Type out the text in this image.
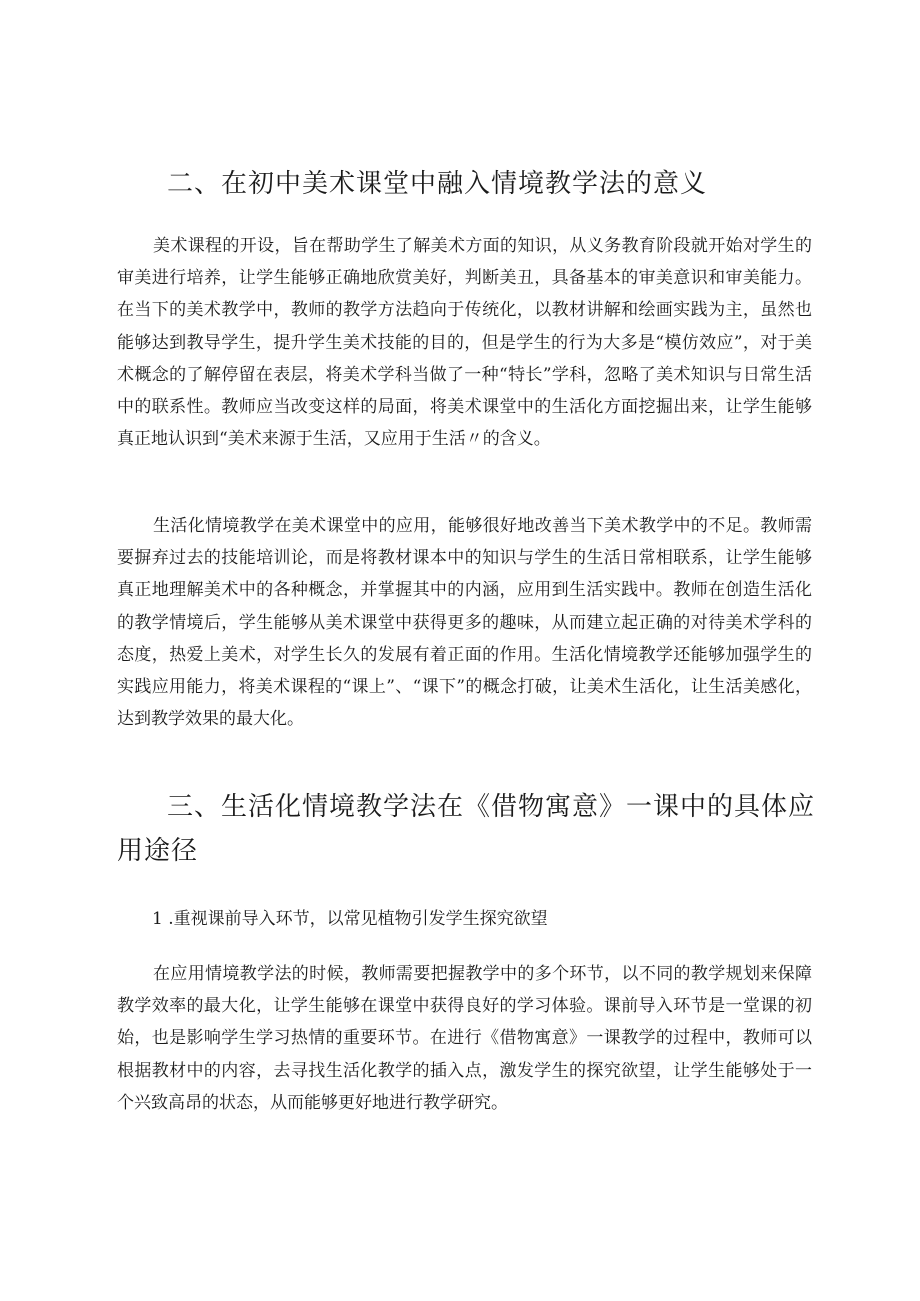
二、在初中美术课堂中融入情境教学法的意义

美术课程的开设，旨在帮助学生了解美术方面的知识，从义务教育阶段就开始对学生的审美进行培养，让学生能够正确地欣赏美好，判断美丑，具备基本的审美意识和审美能力。在当下的美术教学中，教师的教学方法趋向于传统化，以教材讲解和绘画实践为主，虽然也能够达到教导学生，提升学生美术技能的目的，但是学生的行为大多是“模仿效应”，对于美术概念的了解停留在表层，将美术学科当做了一种“特长”学科，忽略了美术知识与日常生活中的联系性。教师应当改变这样的局面，将美术课堂中的生活化方面挖掘出来，让学生能够真正地认识到“美术来源于生活，又应用于生活〃的含义。

生活化情境教学在美术课堂中的应用，能够很好地改善当下美术教学中的不足。教师需要摒弃过去的技能培训论，而是将教材课本中的知识与学生的生活日常相联系，让学生能够真正地理解美术中的各种概念，并掌握其中的内涵，应用到生活实践中。教师在创造生活化的教学情境后，学生能够从美术课堂中获得更多的趣味，从而建立起正确的对待美术学科的态度，热爱上美术，对学生长久的发展有着正面的作用。生活化情境教学还能够加强学生的实践应用能力，将美术课程的“课上”、“课下”的概念打破，让美术生活化，让生活美感化，达到教学效果的最大化。

三、生活化情境教学法在《借物寓意》一课中的具体应用途径

1 .重视课前导入环节，以常见植物引发学生探究欲望

在应用情境教学法的时候，教师需要把握教学中的多个环节，以不同的教学规划来保障教学效率的最大化，让学生能够在课堂中获得良好的学习体验。课前导入环节是一堂课的初始，也是影响学生学习热情的重要环节。在进行《借物寓意》一课教学的过程中，教师可以根据教材中的内容，去寻找生活化教学的插入点，激发学生的探究欲望，让学生能够处于一个兴致高昂的状态，从而能够更好地进行教学研究。
